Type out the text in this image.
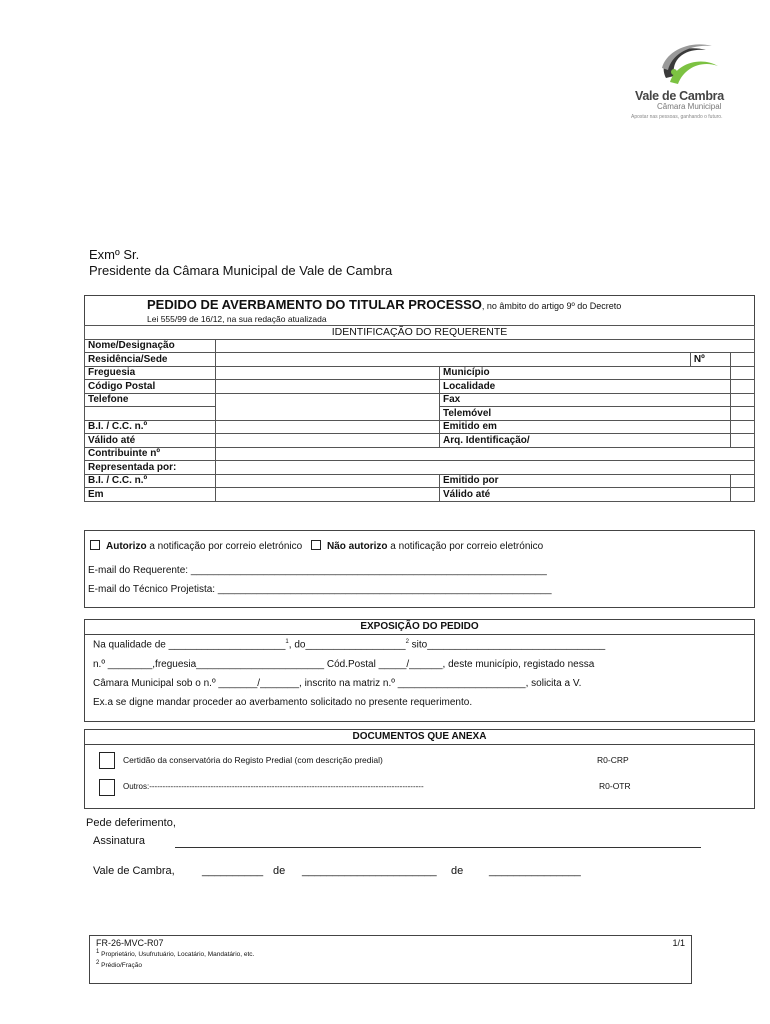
Vale de Cambra
Câmara Municipal
Apostar nas pessoas, ganhando o futuro.
Exmº Sr.
Presidente da Câmara Municipal de Vale de Cambra
PEDIDO DE AVERBAMENTO DO TITULAR PROCESSO, no âmbito do artigo 9º do Decreto
Lei 555/99 de 16/12, na sua redação atualizada
IDENTIFICAÇÃO DO REQUERENTE				
Nome/Designação				
Residência/Sede			Nº	
Freguesia		Município		
Código Postal		Localidade		
Telefone		Fax		
		Telemóvel		
B.I. / C.C. n.º		Emitido em		
Válido até		Arq. Identificação/		
Contribuinte nº				
Representada por:				
B.I. / C.C. n.º		Emitido por		
Em		Válido até		
Autorizo a notificação por correio eletrónico Não autorizo a notificação por correio eletrónico
E-mail do Requerente: ________________________________________________________________
E-mail do Técnico Projetista: ____________________________________________________________
EXPOSIÇÃO DO PEDIDO
Na qualidade de _____________________$^1$, do__________________$^2$ sito________________________________
n.º ________,freguesia_______________________ Cód.Postal _____/______, deste município, registado nessa
Câmara Municipal sob o n.º _______/_______, inscrito na matriz n.º _______________________, solicita a V.
Ex.a se digne mandar proceder ao averbamento solicitado no presente requerimento.
DOCUMENTOS QUE ANEXA
Certidão da conservatória do Registo Predial (com descrição predial)	R0-CRP
Outros:-------------------------------------------------------------------------------------------------------	R0-OTR
Pede deferimento,
Assinatura
Vale de Cambra, __________ de ______________________ de _______________
FR-26-MVC-R07	1/1
$^1$ Proprietário, Usufrutuário, Locatário, Mandatário, etc.
$^2$ Prédio/Fração
